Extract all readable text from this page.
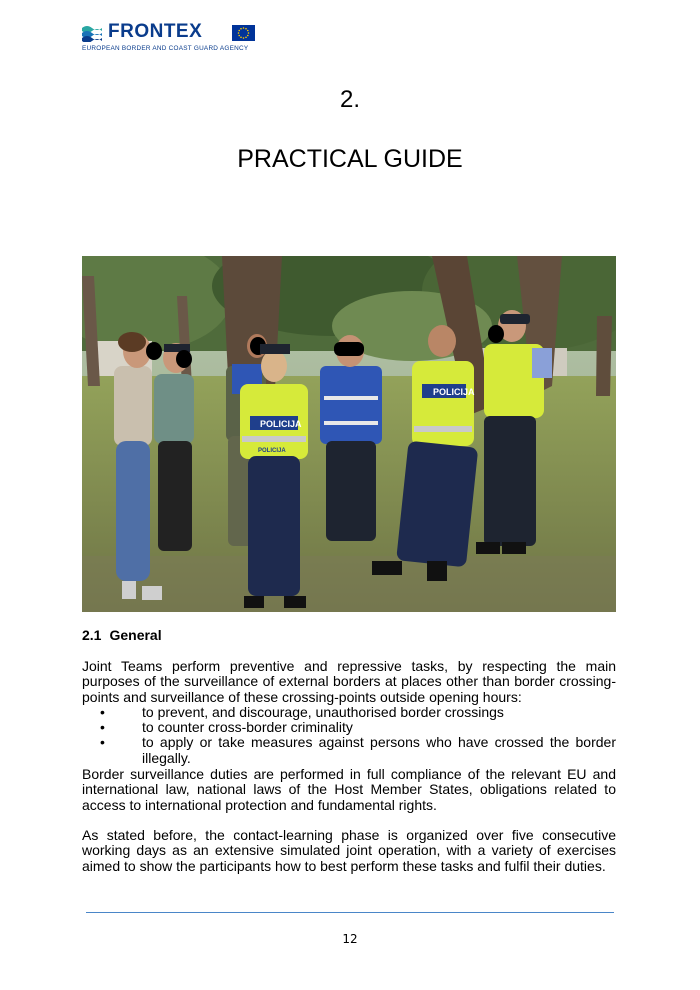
FRONTEX
EUROPEAN BORDER AND COAST GUARD AGENCY
2.
PRACTICAL GUIDE
POLICIJA
POLICIJA
POLICIJA
2.1 General
Joint Teams perform preventive and repressive tasks, by respecting the main purposes of the surveillance of external borders at places other than border crossing-points and surveillance of these crossing-points outside opening hours:
•	to prevent, and discourage, unauthorised border crossings
•	to counter cross-border criminality
•	to apply or take measures against persons who have crossed the border illegally.
Border surveillance duties are performed in full compliance of the relevant EU and international law, national laws of the Host Member States, obligations related to access to international protection and fundamental rights.
As stated before, the contact-learning phase is organized over five consecutive working days as an extensive simulated joint operation, with a variety of exercises aimed to show the participants how to best perform these tasks and fulfil their duties.
12
